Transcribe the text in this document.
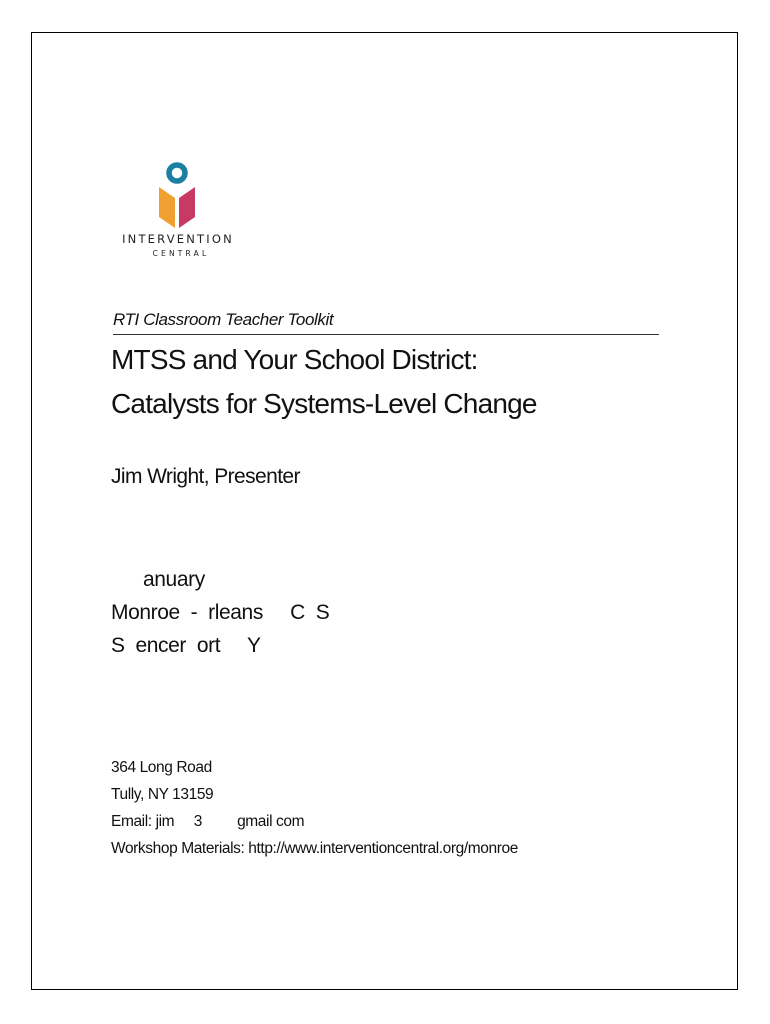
INTERVENTION
CENTRAL
RTI Classroom Teacher Toolkit
MTSS and Your School District:
Catalysts for Systems-Level Change
Jim Wright, Presenter
anuary
Monroe  -  rleans     C  S
S  encer  ort     Y
364 Long Road
Tully, NY 13159
Email: jim     3         gmail com
Workshop Materials: http://www.interventioncentral.org/monroe
